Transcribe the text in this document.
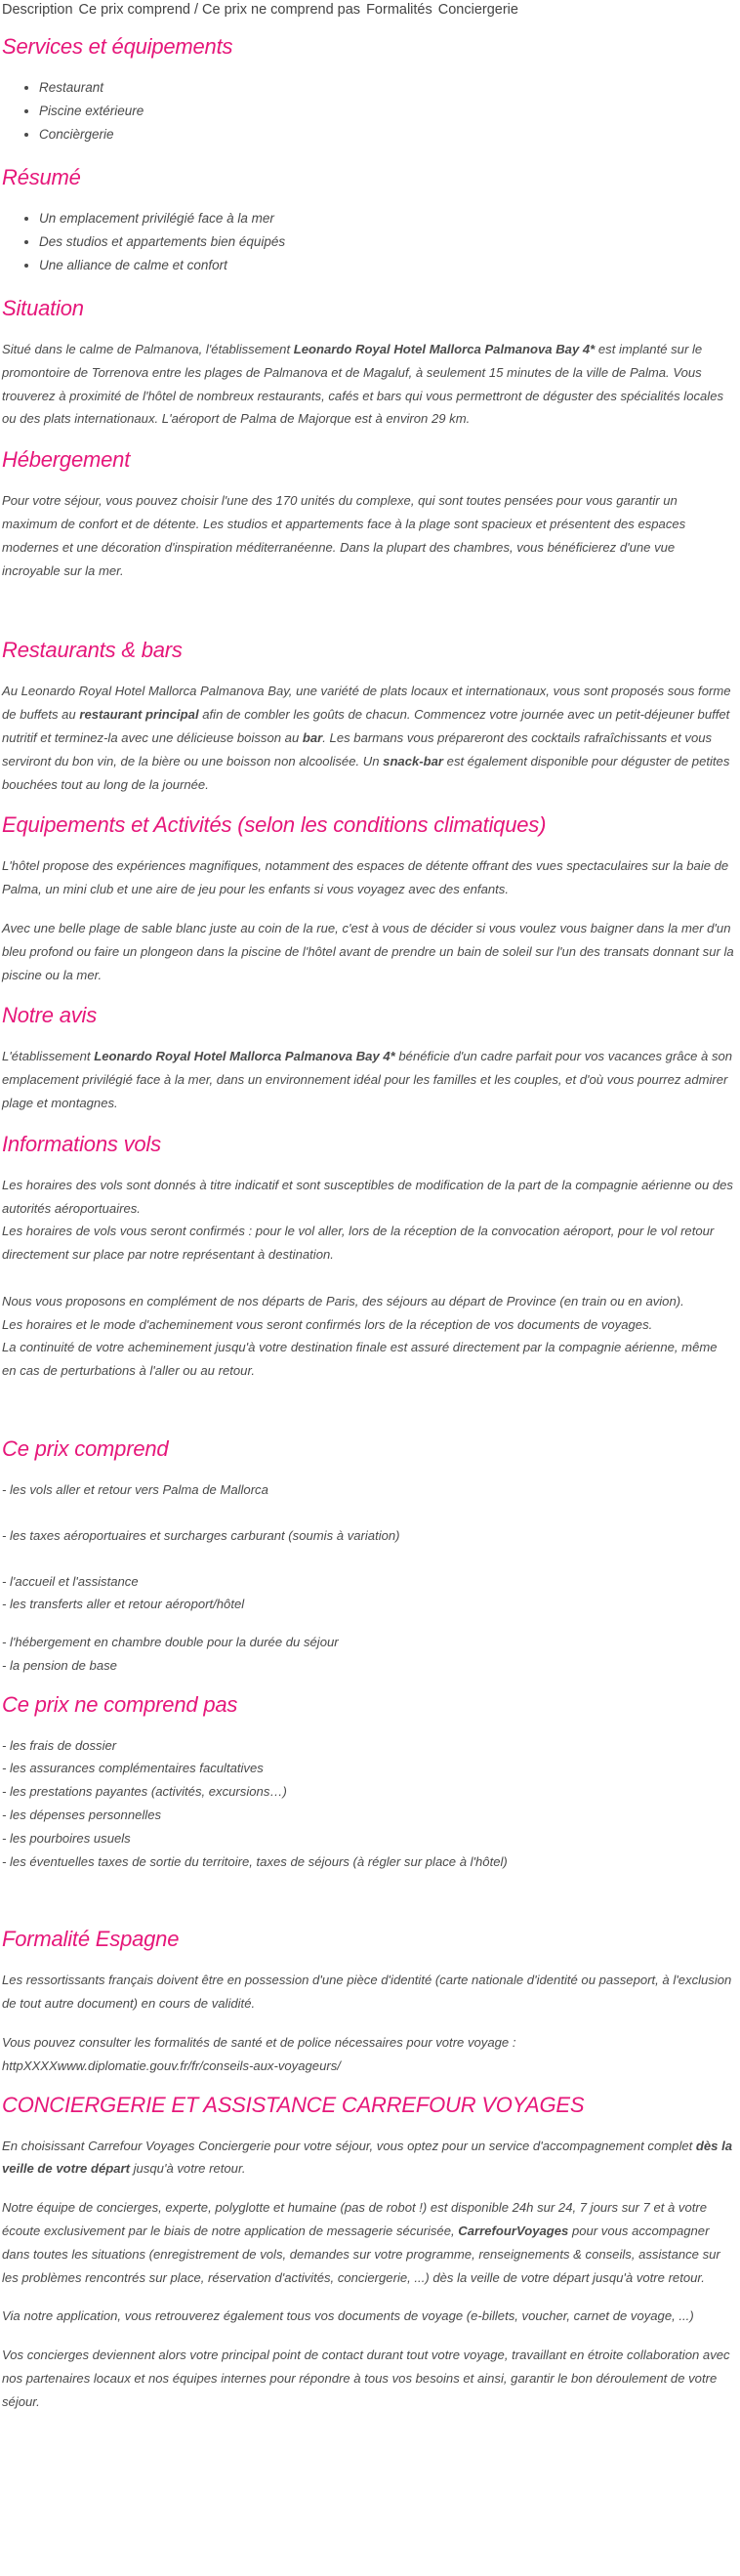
Description Ce prix comprend / Ce prix ne comprend pas Formalités Conciergerie
Services et équipements
• Restaurant
• Piscine extérieure
• Concièrgerie
Résumé
• Un emplacement privilégié face à la mer
• Des studios et appartements bien équipés
• Une alliance de calme et confort
Situation

Situé dans le calme de Palmanova, l'établissement Leonardo Royal Hotel Mallorca Palmanova Bay 4* est implanté sur le promontoire de Torrenova entre les plages de Palmanova et de Magaluf, à seulement 15 minutes de la ville de Palma. Vous trouverez à proximité de l'hôtel de nombreux restaurants, cafés et bars qui vous permettront de déguster des spécialités locales ou des plats internationaux. L'aéroport de Palma de Majorque est à environ 29 km.

Hébergement

Pour votre séjour, vous pouvez choisir l'une des 170 unités du complexe, qui sont toutes pensées pour vous garantir un maximum de confort et de détente. Les studios et appartements face à la plage sont spacieux et présentent des espaces modernes et une décoration d'inspiration méditerranéenne. Dans la plupart des chambres, vous bénéficierez d'une vue incroyable sur la mer.

Restaurants & bars

Au Leonardo Royal Hotel Mallorca Palmanova Bay, une variété de plats locaux et internationaux, vous sont proposés sous forme de buffets au restaurant principal afin de combler les goûts de chacun. Commencez votre journée avec un petit-déjeuner buffet nutritif et terminez-la avec une délicieuse boisson au bar. Les barmans vous prépareront des cocktails rafraîchissants et vous serviront du bon vin, de la bière ou une boisson non alcoolisée. Un snack-bar est également disponible pour déguster de petites bouchées tout au long de la journée.

Equipements et Activités (selon les conditions climatiques)

L'hôtel propose des expériences magnifiques, notamment des espaces de détente offrant des vues spectaculaires sur la baie de Palma, un mini club et une aire de jeu pour les enfants si vous voyagez avec des enfants.

Avec une belle plage de sable blanc juste au coin de la rue, c'est à vous de décider si vous voulez vous baigner dans la mer d'un bleu profond ou faire un plongeon dans la piscine de l'hôtel avant de prendre un bain de soleil sur l'un des transats donnant sur la piscine ou la mer.

Notre avis

L'établissement Leonardo Royal Hotel Mallorca Palmanova Bay 4* bénéficie d'un cadre parfait pour vos vacances grâce à son emplacement privilégié face à la mer, dans un environnement idéal pour les familles et les couples, et d'où vous pourrez admirer plage et montagnes.

Informations vols

Les horaires des vols sont donnés à titre indicatif et sont susceptibles de modification de la part de la compagnie aérienne ou des autorités aéroportuaires.

Les horaires de vols vous seront confirmés : pour le vol aller, lors de la réception de la convocation aéroport, pour le vol retour directement sur place par notre représentant à destination.

Nous vous proposons en complément de nos départs de Paris, des séjours au départ de Province (en train ou en avion).

Les horaires et le mode d'acheminement vous seront confirmés lors de la réception de vos documents de voyages.

La continuité de votre acheminement jusqu'à votre destination finale est assuré directement par la compagnie aérienne, même en cas de perturbations à l'aller ou au retour.

Ce prix comprend

- les vols aller et retour vers Palma de Mallorca

- les taxes aéroportuaires et surcharges carburant (soumis à variation)

- l'accueil et l'assistance

- les transferts aller et retour aéroport/hôtel

- l'hébergement en chambre double pour la durée du séjour

- la pension de base

Ce prix ne comprend pas

- les frais de dossier

- les assurances complémentaires facultatives

- les prestations payantes (activités, excursions…)

- les dépenses personnelles

- les pourboires usuels

- les éventuelles taxes de sortie du territoire, taxes de séjours (à régler sur place à l'hôtel)

Formalité Espagne

Les ressortissants français doivent être en possession d'une pièce d'identité (carte nationale d'identité ou passeport, à l'exclusion de tout autre document) en cours de validité.

Vous pouvez consulter les formalités de santé et de police nécessaires pour votre voyage :

httpXXXXwww.diplomatie.gouv.fr/fr/conseils-aux-voyageurs/

CONCIERGERIE ET ASSISTANCE CARREFOUR VOYAGES

En choisissant Carrefour Voyages Conciergerie pour votre séjour, vous optez pour un service d'accompagnement complet dès la veille de votre départ jusqu'à votre retour.

Notre équipe de concierges, experte, polyglotte et humaine (pas de robot !) est disponible 24h sur 24, 7 jours sur 7 et à votre écoute exclusivement par le biais de notre application de messagerie sécurisée, CarrefourVoyages pour vous accompagner dans toutes les situations (enregistrement de vols, demandes sur votre programme, renseignements & conseils, assistance sur les problèmes rencontrés sur place, réservation d'activités, conciergerie, ...) dès la veille de votre départ jusqu'à votre retour.

Via notre application, vous retrouverez également tous vos documents de voyage (e-billets, voucher, carnet de voyage, ...)

Vos concierges deviennent alors votre principal point de contact durant tout votre voyage, travaillant en étroite collaboration avec nos partenaires locaux et nos équipes internes pour répondre à tous vos besoins et ainsi, garantir le bon déroulement de votre séjour.
